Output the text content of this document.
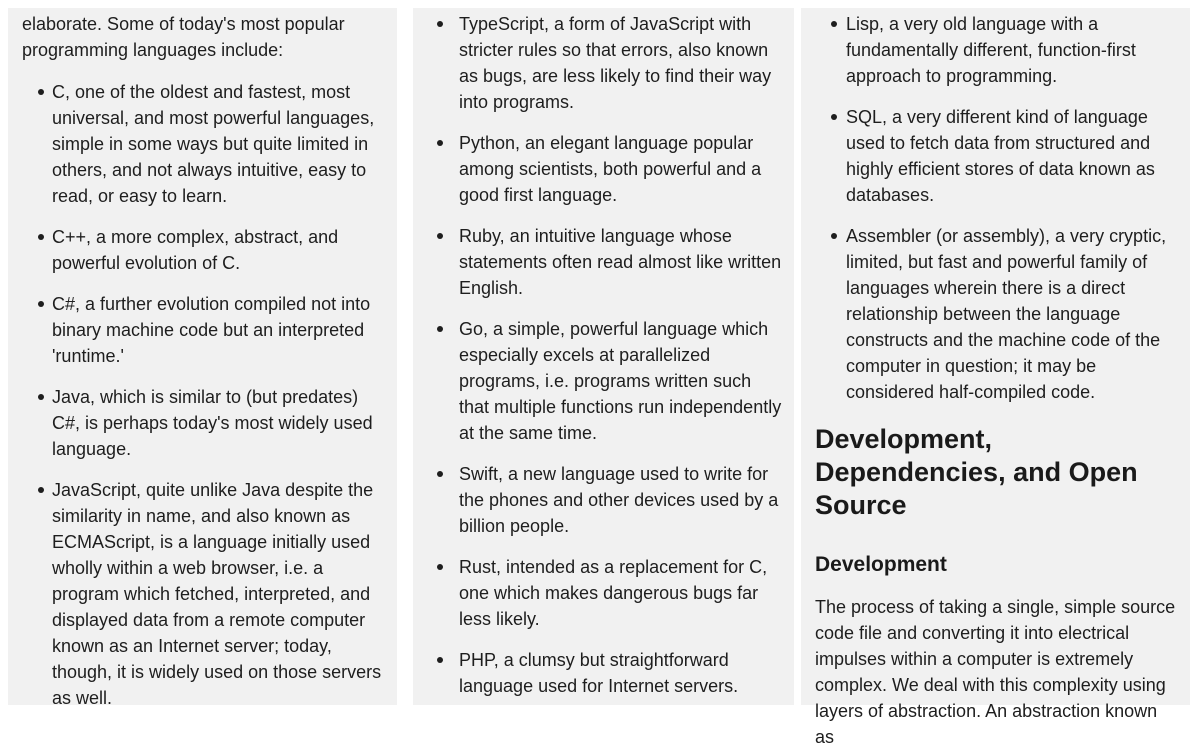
elaborate. Some of today's most popular programming languages include:

C, one of the oldest and fastest, most universal, and most powerful languages, simple in some ways but quite limited in others, and not always intuitive, easy to read, or easy to learn.
C++, a more complex, abstract, and powerful evolution of C.
C#, a further evolution compiled not into binary machine code but an interpreted 'runtime.'
Java, which is similar to (but predates) C#, is perhaps today's most widely used language.
JavaScript, quite unlike Java despite the similarity in name, and also known as ECMAScript, is a language initially used wholly within a web browser, i.e. a program which fetched, interpreted, and displayed data from a remote computer known as an Internet server; today, though, it is widely used on those servers as well.
TypeScript, a form of JavaScript with stricter rules so that errors, also known as bugs, are less likely to find their way into programs.
Python, an elegant language popular among scientists, both powerful and a good first language.
Ruby, an intuitive language whose statements often read almost like written English.
Go, a simple, powerful language which especially excels at parallelized programs, i.e. programs written such that multiple functions run independently at the same time.
Swift, a new language used to write for the phones and other devices used by a billion people.
Rust, intended as a replacement for C, one which makes dangerous bugs far less likely.
PHP, a clumsy but straightforward language used for Internet servers.
Lisp, a very old language with a fundamentally different, function-first approach to programming.
SQL, a very different kind of language used to fetch data from structured and highly efficient stores of data known as databases.
Assembler (or assembly), a very cryptic, limited, but fast and powerful family of languages wherein there is a direct relationship between the language constructs and the machine code of the computer in question; it may be considered half-compiled code.
Development, Dependencies, and Open Source
Development

The process of taking a single, simple source code file and converting it into electrical impulses within a computer is extremely complex. We deal with this complexity using layers of abstraction. An abstraction known as
